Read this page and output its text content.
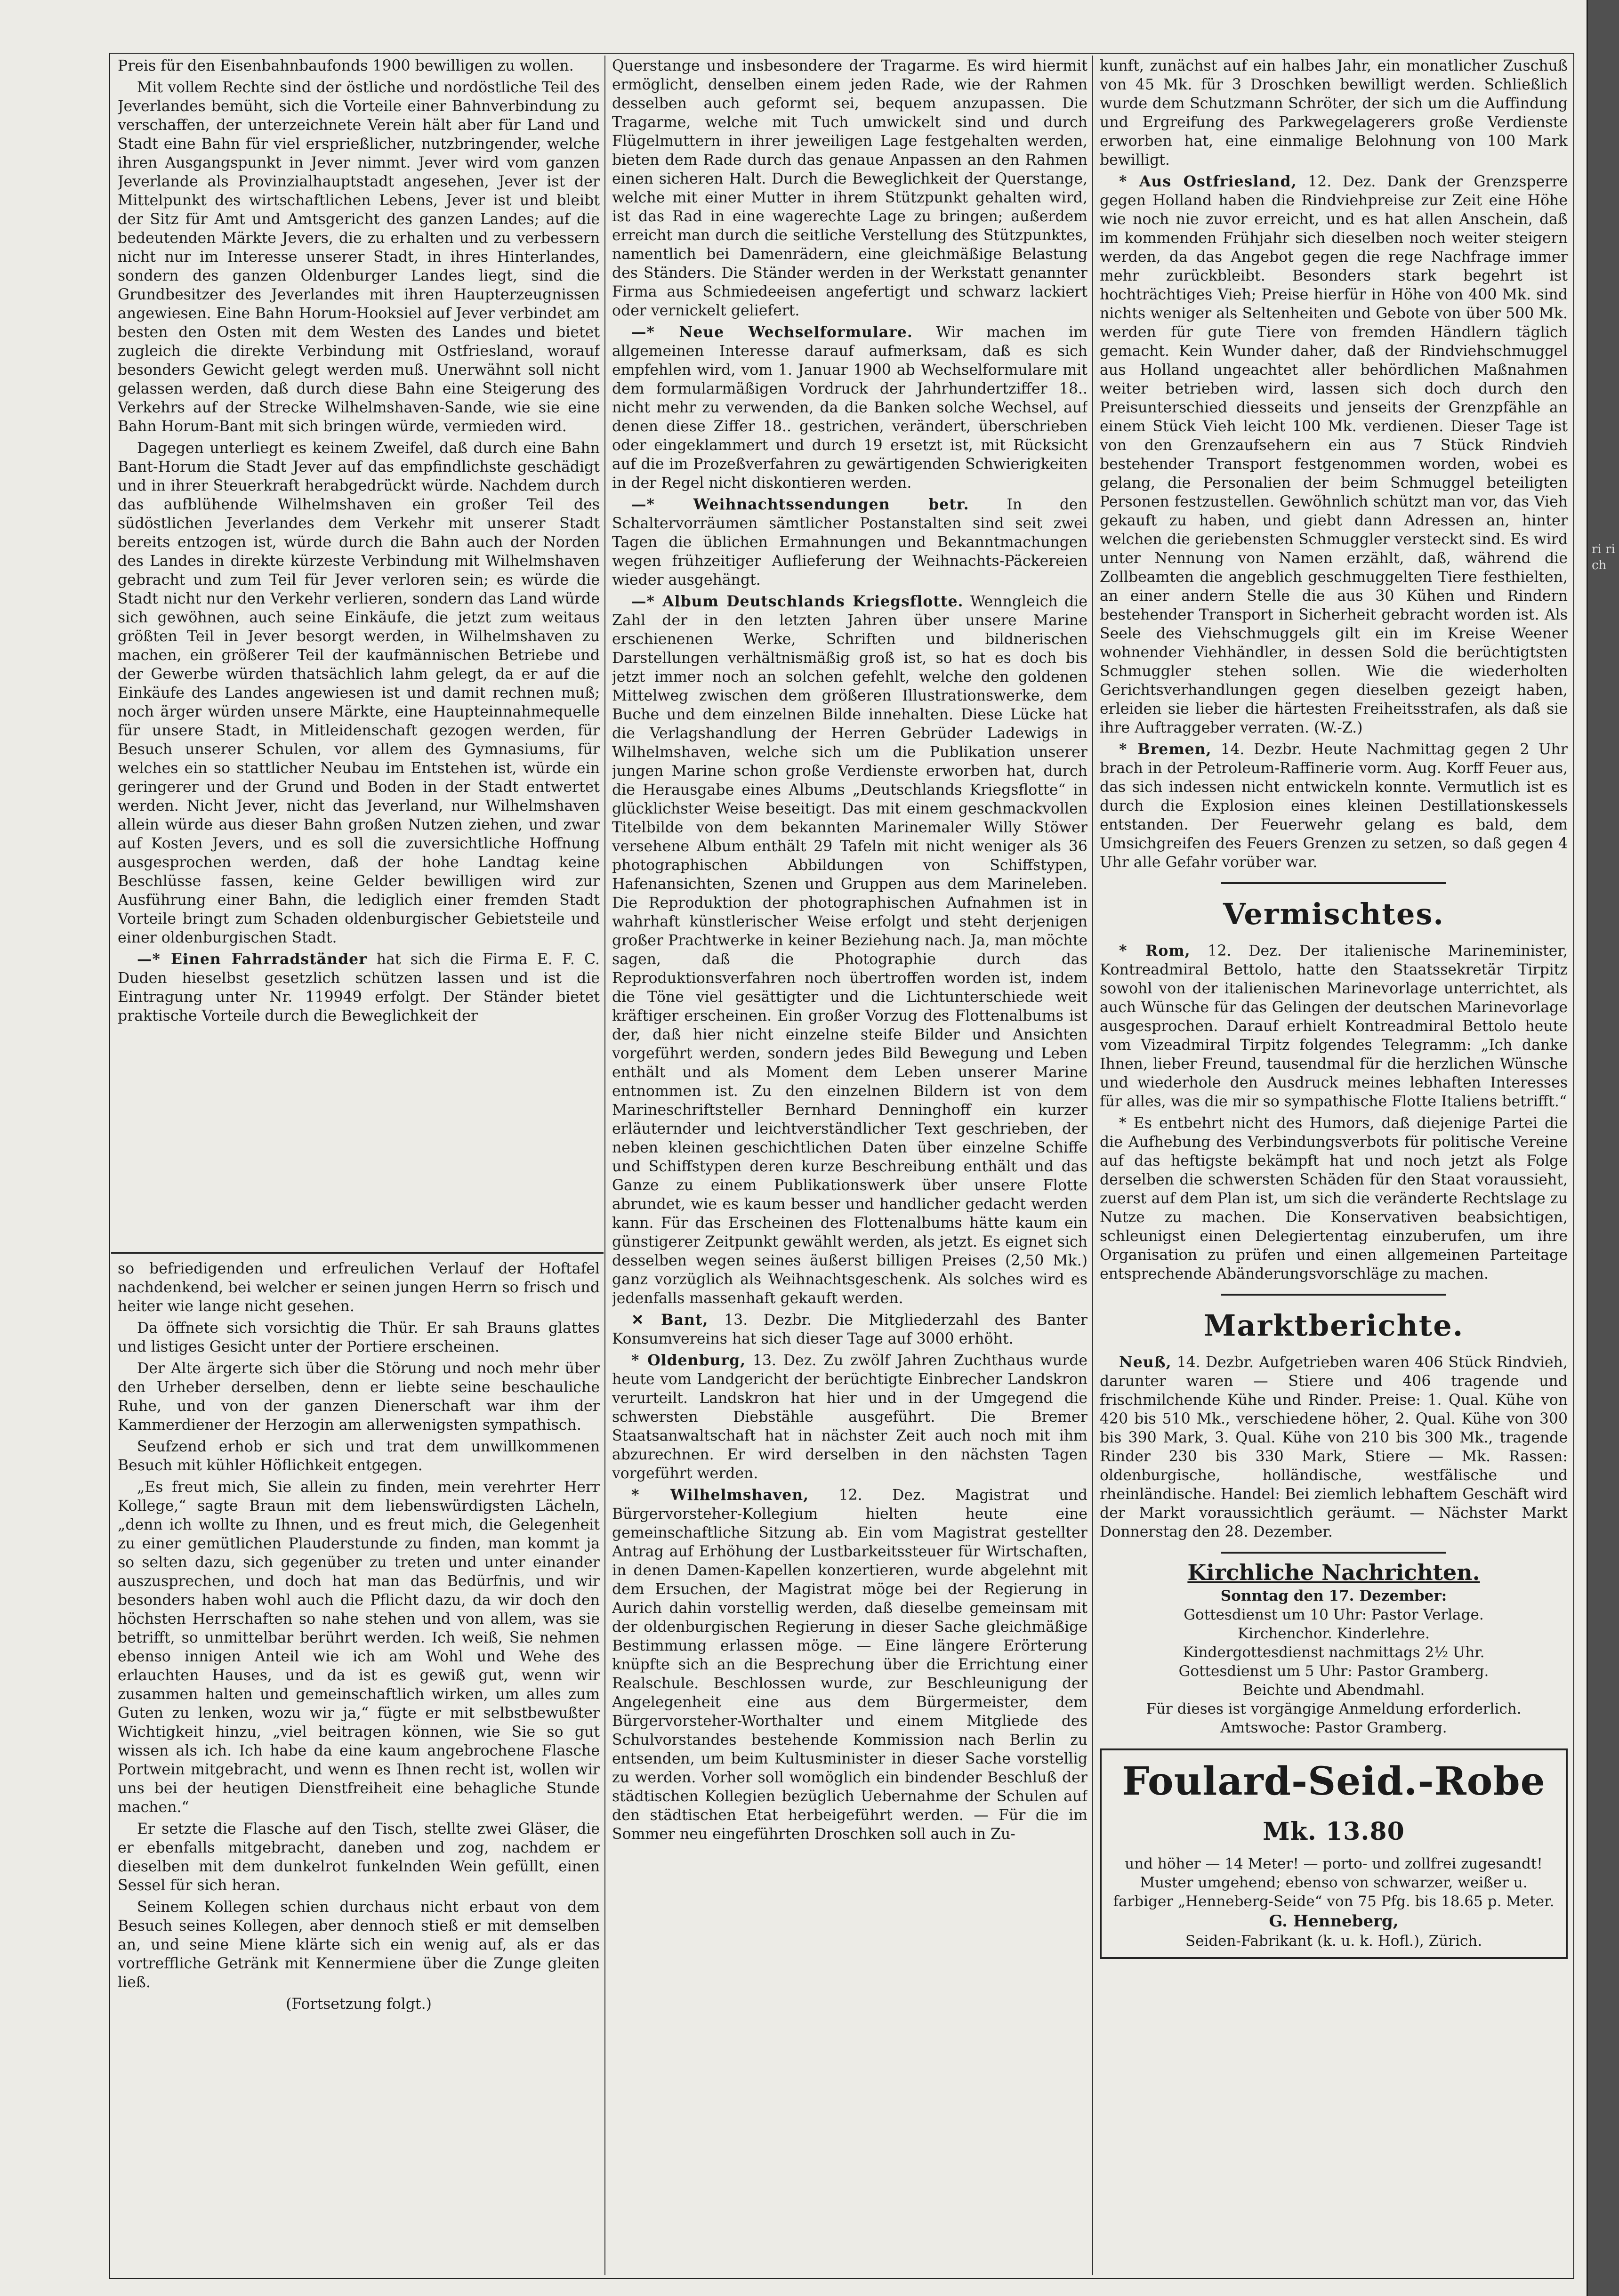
ri rich

Preis für den Eisenbahnbaufonds 1900 bewilligen zu wollen.

Mit vollem Rechte sind der östliche und nordöstliche Teil des Jeverlandes bemüht, sich die Vorteile einer Bahnverbindung zu verschaffen, der unterzeichnete Verein hält aber für Land und Stadt eine Bahn für viel ersprießlicher, nutzbringender, welche ihren Ausgangspunkt in Jever nimmt. Jever wird vom ganzen Jeverlande als Provinzialhauptstadt angesehen, Jever ist der Mittelpunkt des wirtschaftlichen Lebens, Jever ist und bleibt der Sitz für Amt und Amtsgericht des ganzen Landes; auf die bedeutenden Märkte Jevers, die zu erhalten und zu verbessern nicht nur im Interesse unserer Stadt, in ihres Hinterlandes, sondern des ganzen Oldenburger Landes liegt, sind die Grundbesitzer des Jeverlandes mit ihren Haupterzeugnissen angewiesen. Eine Bahn Horum-Hooksiel auf Jever verbindet am besten den Osten mit dem Westen des Landes und bietet zugleich die direkte Verbindung mit Ostfriesland, worauf besonders Gewicht gelegt werden muß. Unerwähnt soll nicht gelassen werden, daß durch diese Bahn eine Steigerung des Verkehrs auf der Strecke Wilhelmshaven-Sande, wie sie eine Bahn Horum-Bant mit sich bringen würde, vermieden wird.

Dagegen unterliegt es keinem Zweifel, daß durch eine Bahn Bant-Horum die Stadt Jever auf das empfindlichste geschädigt und in ihrer Steuerkraft herabgedrückt würde. Nachdem durch das aufblühende Wilhelmshaven ein großer Teil des südöstlichen Jeverlandes dem Verkehr mit unserer Stadt bereits entzogen ist, würde durch die Bahn auch der Norden des Landes in direkte kürzeste Verbindung mit Wilhelmshaven gebracht und zum Teil für Jever verloren sein; es würde die Stadt nicht nur den Verkehr verlieren, sondern das Land würde sich gewöhnen, auch seine Einkäufe, die jetzt zum weitaus größten Teil in Jever besorgt werden, in Wilhelmshaven zu machen, ein größerer Teil der kaufmännischen Betriebe und der Gewerbe würden thatsächlich lahm gelegt, da er auf die Einkäufe des Landes angewiesen ist und damit rechnen muß; noch ärger würden unsere Märkte, eine Haupteinnahmequelle für unsere Stadt, in Mitleidenschaft gezogen werden, für Besuch unserer Schulen, vor allem des Gymnasiums, für welches ein so stattlicher Neubau im Entstehen ist, würde ein geringerer und der Grund und Boden in der Stadt entwertet werden. Nicht Jever, nicht das Jeverland, nur Wilhelmshaven allein würde aus dieser Bahn großen Nutzen ziehen, und zwar auf Kosten Jevers, und es soll die zuversichtliche Hoffnung ausgesprochen werden, daß der hohe Landtag keine Beschlüsse fassen, keine Gelder bewilligen wird zur Ausführung einer Bahn, die lediglich einer fremden Stadt Vorteile bringt zum Schaden oldenburgischer Gebietsteile und einer oldenburgischen Stadt.

—* Einen Fahrradständer hat sich die Firma E. F. C. Duden hieselbst gesetzlich schützen lassen und ist die Eintragung unter Nr. 119949 erfolgt. Der Ständer bietet praktische Vorteile durch die Beweglichkeit der

so befriedigenden und erfreulichen Verlauf der Hoftafel nachdenkend, bei welcher er seinen jungen Herrn so frisch und heiter wie lange nicht gesehen.

Da öffnete sich vorsichtig die Thür. Er sah Brauns glattes und listiges Gesicht unter der Portiere erscheinen.

Der Alte ärgerte sich über die Störung und noch mehr über den Urheber derselben, denn er liebte seine beschauliche Ruhe, und von der ganzen Dienerschaft war ihm der Kammerdiener der Herzogin am allerwenigsten sympathisch.

Seufzend erhob er sich und trat dem unwillkommenen Besuch mit kühler Höflichkeit entgegen.

„Es freut mich, Sie allein zu finden, mein verehrter Herr Kollege,“ sagte Braun mit dem liebenswürdigsten Lächeln, „denn ich wollte zu Ihnen, und es freut mich, die Gelegenheit zu einer gemütlichen Plauderstunde zu finden, man kommt ja so selten dazu, sich gegenüber zu treten und unter einander auszusprechen, und doch hat man das Bedürfnis, und wir besonders haben wohl auch die Pflicht dazu, da wir doch den höchsten Herrschaften so nahe stehen und von allem, was sie betrifft, so unmittelbar berührt werden. Ich weiß, Sie nehmen ebenso innigen Anteil wie ich am Wohl und Wehe des erlauchten Hauses, und da ist es gewiß gut, wenn wir zusammen halten und gemeinschaftlich wirken, um alles zum Guten zu lenken, wozu wir ja,“ fügte er mit selbstbewußter Wichtigkeit hinzu, „viel beitragen können, wie Sie so gut wissen als ich. Ich habe da eine kaum angebrochene Flasche Portwein mitgebracht, und wenn es Ihnen recht ist, wollen wir uns bei der heutigen Dienstfreiheit eine behagliche Stunde machen.“

Er setzte die Flasche auf den Tisch, stellte zwei Gläser, die er ebenfalls mitgebracht, daneben und zog, nachdem er dieselben mit dem dunkelrot funkelnden Wein gefüllt, einen Sessel für sich heran.

Seinem Kollegen schien durchaus nicht erbaut von dem Besuch seines Kollegen, aber dennoch stieß er mit demselben an, und seine Miene klärte sich ein wenig auf, als er das vortreffliche Getränk mit Kennermiene über die Zunge gleiten ließ.

(Fortsetzung folgt.)

Querstange und insbesondere der Tragarme. Es wird hiermit ermöglicht, denselben einem jeden Rade, wie der Rahmen desselben auch geformt sei, bequem anzupassen. Die Tragarme, welche mit Tuch umwickelt sind und durch Flügelmuttern in ihrer jeweiligen Lage festgehalten werden, bieten dem Rade durch das genaue Anpassen an den Rahmen einen sicheren Halt. Durch die Beweglichkeit der Querstange, welche mit einer Mutter in ihrem Stützpunkt gehalten wird, ist das Rad in eine wagerechte Lage zu bringen; außerdem erreicht man durch die seitliche Verstellung des Stützpunktes, namentlich bei Damenrädern, eine gleichmäßige Belastung des Ständers. Die Ständer werden in der Werkstatt genannter Firma aus Schmiedeeisen angefertigt und schwarz lackiert oder vernickelt geliefert.

—* Neue Wechselformulare. Wir machen im allgemeinen Interesse darauf aufmerksam, daß es sich empfehlen wird, vom 1. Januar 1900 ab Wechselformulare mit dem formularmäßigen Vordruck der Jahrhundertziffer 18.. nicht mehr zu verwenden, da die Banken solche Wechsel, auf denen diese Ziffer 18.. gestrichen, verändert, überschrieben oder eingeklammert und durch 19 ersetzt ist, mit Rücksicht auf die im Prozeßverfahren zu gewärtigenden Schwierigkeiten in der Regel nicht diskontieren werden.

—* Weihnachtssendungen betr. In den Schaltervorräumen sämtlicher Postanstalten sind seit zwei Tagen die üblichen Ermahnungen und Bekanntmachungen wegen frühzeitiger Auflieferung der Weihnachts-Päckereien wieder ausgehängt.

—* Album Deutschlands Kriegsflotte. Wenngleich die Zahl der in den letzten Jahren über unsere Marine erschienenen Werke, Schriften und bildnerischen Darstellungen verhältnismäßig groß ist, so hat es doch bis jetzt immer noch an solchen gefehlt, welche den goldenen Mittelweg zwischen dem größeren Illustrationswerke, dem Buche und dem einzelnen Bilde innehalten. Diese Lücke hat die Verlagshandlung der Herren Gebrüder Ladewigs in Wilhelmshaven, welche sich um die Publikation unserer jungen Marine schon große Verdienste erworben hat, durch die Herausgabe eines Albums „Deutschlands Kriegsflotte“ in glücklichster Weise beseitigt. Das mit einem geschmackvollen Titelbilde von dem bekannten Marinemaler Willy Stöwer versehene Album enthält 29 Tafeln mit nicht weniger als 36 photographischen Abbildungen von Schiffstypen, Hafenansichten, Szenen und Gruppen aus dem Marineleben. Die Reproduktion der photographischen Aufnahmen ist in wahrhaft künstlerischer Weise erfolgt und steht derjenigen großer Prachtwerke in keiner Beziehung nach. Ja, man möchte sagen, daß die Photographie durch das Reproduktionsverfahren noch übertroffen worden ist, indem die Töne viel gesättigter und die Lichtunterschiede weit kräftiger erscheinen. Ein großer Vorzug des Flottenalbums ist der, daß hier nicht einzelne steife Bilder und Ansichten vorgeführt werden, sondern jedes Bild Bewegung und Leben enthält und als Moment dem Leben unserer Marine entnommen ist. Zu den einzelnen Bildern ist von dem Marineschriftsteller Bernhard Denninghoff ein kurzer erläuternder und leichtverständlicher Text geschrieben, der neben kleinen geschichtlichen Daten über einzelne Schiffe und Schiffstypen deren kurze Beschreibung enthält und das Ganze zu einem Publikationswerk über unsere Flotte abrundet, wie es kaum besser und handlicher gedacht werden kann. Für das Erscheinen des Flottenalbums hätte kaum ein günstigerer Zeitpunkt gewählt werden, als jetzt. Es eignet sich desselben wegen seines äußerst billigen Preises (2,50 Mk.) ganz vorzüglich als Weihnachtsgeschenk. Als solches wird es jedenfalls massenhaft gekauft werden.

✕ Bant, 13. Dezbr. Die Mitgliederzahl des Banter Konsumvereins hat sich dieser Tage auf 3000 erhöht.

* Oldenburg, 13. Dez. Zu zwölf Jahren Zuchthaus wurde heute vom Landgericht der berüchtigte Einbrecher Landskron verurteilt. Landskron hat hier und in der Umgegend die schwersten Diebstähle ausgeführt. Die Bremer Staatsanwaltschaft hat in nächster Zeit auch noch mit ihm abzurechnen. Er wird derselben in den nächsten Tagen vorgeführt werden.

* Wilhelmshaven, 12. Dez. Magistrat und Bürgervorsteher-Kollegium hielten heute eine gemeinschaftliche Sitzung ab. Ein vom Magistrat gestellter Antrag auf Erhöhung der Lustbarkeitssteuer für Wirtschaften, in denen Damen-Kapellen konzertieren, wurde abgelehnt mit dem Ersuchen, der Magistrat möge bei der Regierung in Aurich dahin vorstellig werden, daß dieselbe gemeinsam mit der oldenburgischen Regierung in dieser Sache gleichmäßige Bestimmung erlassen möge. — Eine längere Erörterung knüpfte sich an die Besprechung über die Errichtung einer Realschule. Beschlossen wurde, zur Beschleunigung der Angelegenheit eine aus dem Bürgermeister, dem Bürgervorsteher-Worthalter und einem Mitgliede des Schulvorstandes bestehende Kommission nach Berlin zu entsenden, um beim Kultusminister in dieser Sache vorstellig zu werden. Vorher soll womöglich ein bindender Beschluß der städtischen Kollegien bezüglich Uebernahme der Schulen auf den städtischen Etat herbeigeführt werden. — Für die im Sommer neu eingeführten Droschken soll auch in Zu-

kunft, zunächst auf ein halbes Jahr, ein monatlicher Zuschuß von 45 Mk. für 3 Droschken bewilligt werden. Schließlich wurde dem Schutzmann Schröter, der sich um die Auffindung und Ergreifung des Parkwegelagerers große Verdienste erworben hat, eine einmalige Belohnung von 100 Mark bewilligt.

* Aus Ostfriesland, 12. Dez. Dank der Grenzsperre gegen Holland haben die Rindviehpreise zur Zeit eine Höhe wie noch nie zuvor erreicht, und es hat allen Anschein, daß im kommenden Frühjahr sich dieselben noch weiter steigern werden, da das Angebot gegen die rege Nachfrage immer mehr zurückbleibt. Besonders stark begehrt ist hochträchtiges Vieh; Preise hierfür in Höhe von 400 Mk. sind nichts weniger als Seltenheiten und Gebote von über 500 Mk. werden für gute Tiere von fremden Händlern täglich gemacht. Kein Wunder daher, daß der Rindviehschmuggel aus Holland ungeachtet aller behördlichen Maßnahmen weiter betrieben wird, lassen sich doch durch den Preisunterschied diesseits und jenseits der Grenzpfähle an einem Stück Vieh leicht 100 Mk. verdienen. Dieser Tage ist von den Grenzaufsehern ein aus 7 Stück Rindvieh bestehender Transport festgenommen worden, wobei es gelang, die Personalien der beim Schmuggel beteiligten Personen festzustellen. Gewöhnlich schützt man vor, das Vieh gekauft zu haben, und giebt dann Adressen an, hinter welchen die geriebensten Schmuggler versteckt sind. Es wird unter Nennung von Namen erzählt, daß, während die Zollbeamten die angeblich geschmuggelten Tiere festhielten, an einer andern Stelle die aus 30 Kühen und Rindern bestehender Transport in Sicherheit gebracht worden ist. Als Seele des Viehschmuggels gilt ein im Kreise Weener wohnender Viehhändler, in dessen Sold die berüchtigtsten Schmuggler stehen sollen. Wie die wiederholten Gerichtsverhandlungen gegen dieselben gezeigt haben, erleiden sie lieber die härtesten Freiheitsstrafen, als daß sie ihre Auftraggeber verraten. (W.-Z.)

* Bremen, 14. Dezbr. Heute Nachmittag gegen 2 Uhr brach in der Petroleum-Raffinerie vorm. Aug. Korff Feuer aus, das sich indessen nicht entwickeln konnte. Vermutlich ist es durch die Explosion eines kleinen Destillationskessels entstanden. Der Feuerwehr gelang es bald, dem Umsichgreifen des Feuers Grenzen zu setzen, so daß gegen 4 Uhr alle Gefahr vorüber war.

Vermischtes.

* Rom, 12. Dez. Der italienische Marineminister, Kontreadmiral Bettolo, hatte den Staatssekretär Tirpitz sowohl von der italienischen Marinevorlage unterrichtet, als auch Wünsche für das Gelingen der deutschen Marinevorlage ausgesprochen. Darauf erhielt Kontreadmiral Bettolo heute vom Vizeadmiral Tirpitz folgendes Telegramm: „Ich danke Ihnen, lieber Freund, tausendmal für die herzlichen Wünsche und wiederhole den Ausdruck meines lebhaften Interesses für alles, was die mir so sympathische Flotte Italiens betrifft.“

* Es entbehrt nicht des Humors, daß diejenige Partei die die Aufhebung des Verbindungsverbots für politische Vereine auf das heftigste bekämpft hat und noch jetzt als Folge derselben die schwersten Schäden für den Staat voraussieht, zuerst auf dem Plan ist, um sich die veränderte Rechtslage zu Nutze zu machen. Die Konservativen beabsichtigen, schleunigst einen Delegiertentag einzuberufen, um ihre Organisation zu prüfen und einen allgemeinen Parteitage entsprechende Abänderungsvorschläge zu machen.

Marktberichte.

Neuß, 14. Dezbr. Aufgetrieben waren 406 Stück Rindvieh, darunter waren — Stiere und 406 tragende und frischmilchende Kühe und Rinder. Preise: 1. Qual. Kühe von 420 bis 510 Mk., verschiedene höher, 2. Qual. Kühe von 300 bis 390 Mark, 3. Qual. Kühe von 210 bis 300 Mk., tragende Rinder 230 bis 330 Mark, Stiere — Mk. Rassen: oldenburgische, holländische, westfälische und rheinländische. Handel: Bei ziemlich lebhaftem Geschäft wird der Markt voraussichtlich geräumt. — Nächster Markt Donnerstag den 28. Dezember.

Kirchliche Nachrichten.
Sonntag den 17. Dezember:
Gottesdienst um 10 Uhr: Pastor Verlage.
Kirchenchor. Kinderlehre.
Kindergottesdienst nachmittags 2½ Uhr.
Gottesdienst um 5 Uhr: Pastor Gramberg.
Beichte und Abendmahl.
Für dieses ist vorgängige Anmeldung erforderlich.
Amtswoche: Pastor Gramberg.
Foulard-Seid.-Robe Mk. 13.80
und höher — 14 Meter! — porto- und zollfrei zugesandt! Muster umgehend; ebenso von schwarzer, weißer u. farbiger „Henneberg-Seide“ von 75 Pfg. bis 18.65 p. Meter.
G. Henneberg,
Seiden-Fabrikant (k. u. k. Hofl.), Zürich.
